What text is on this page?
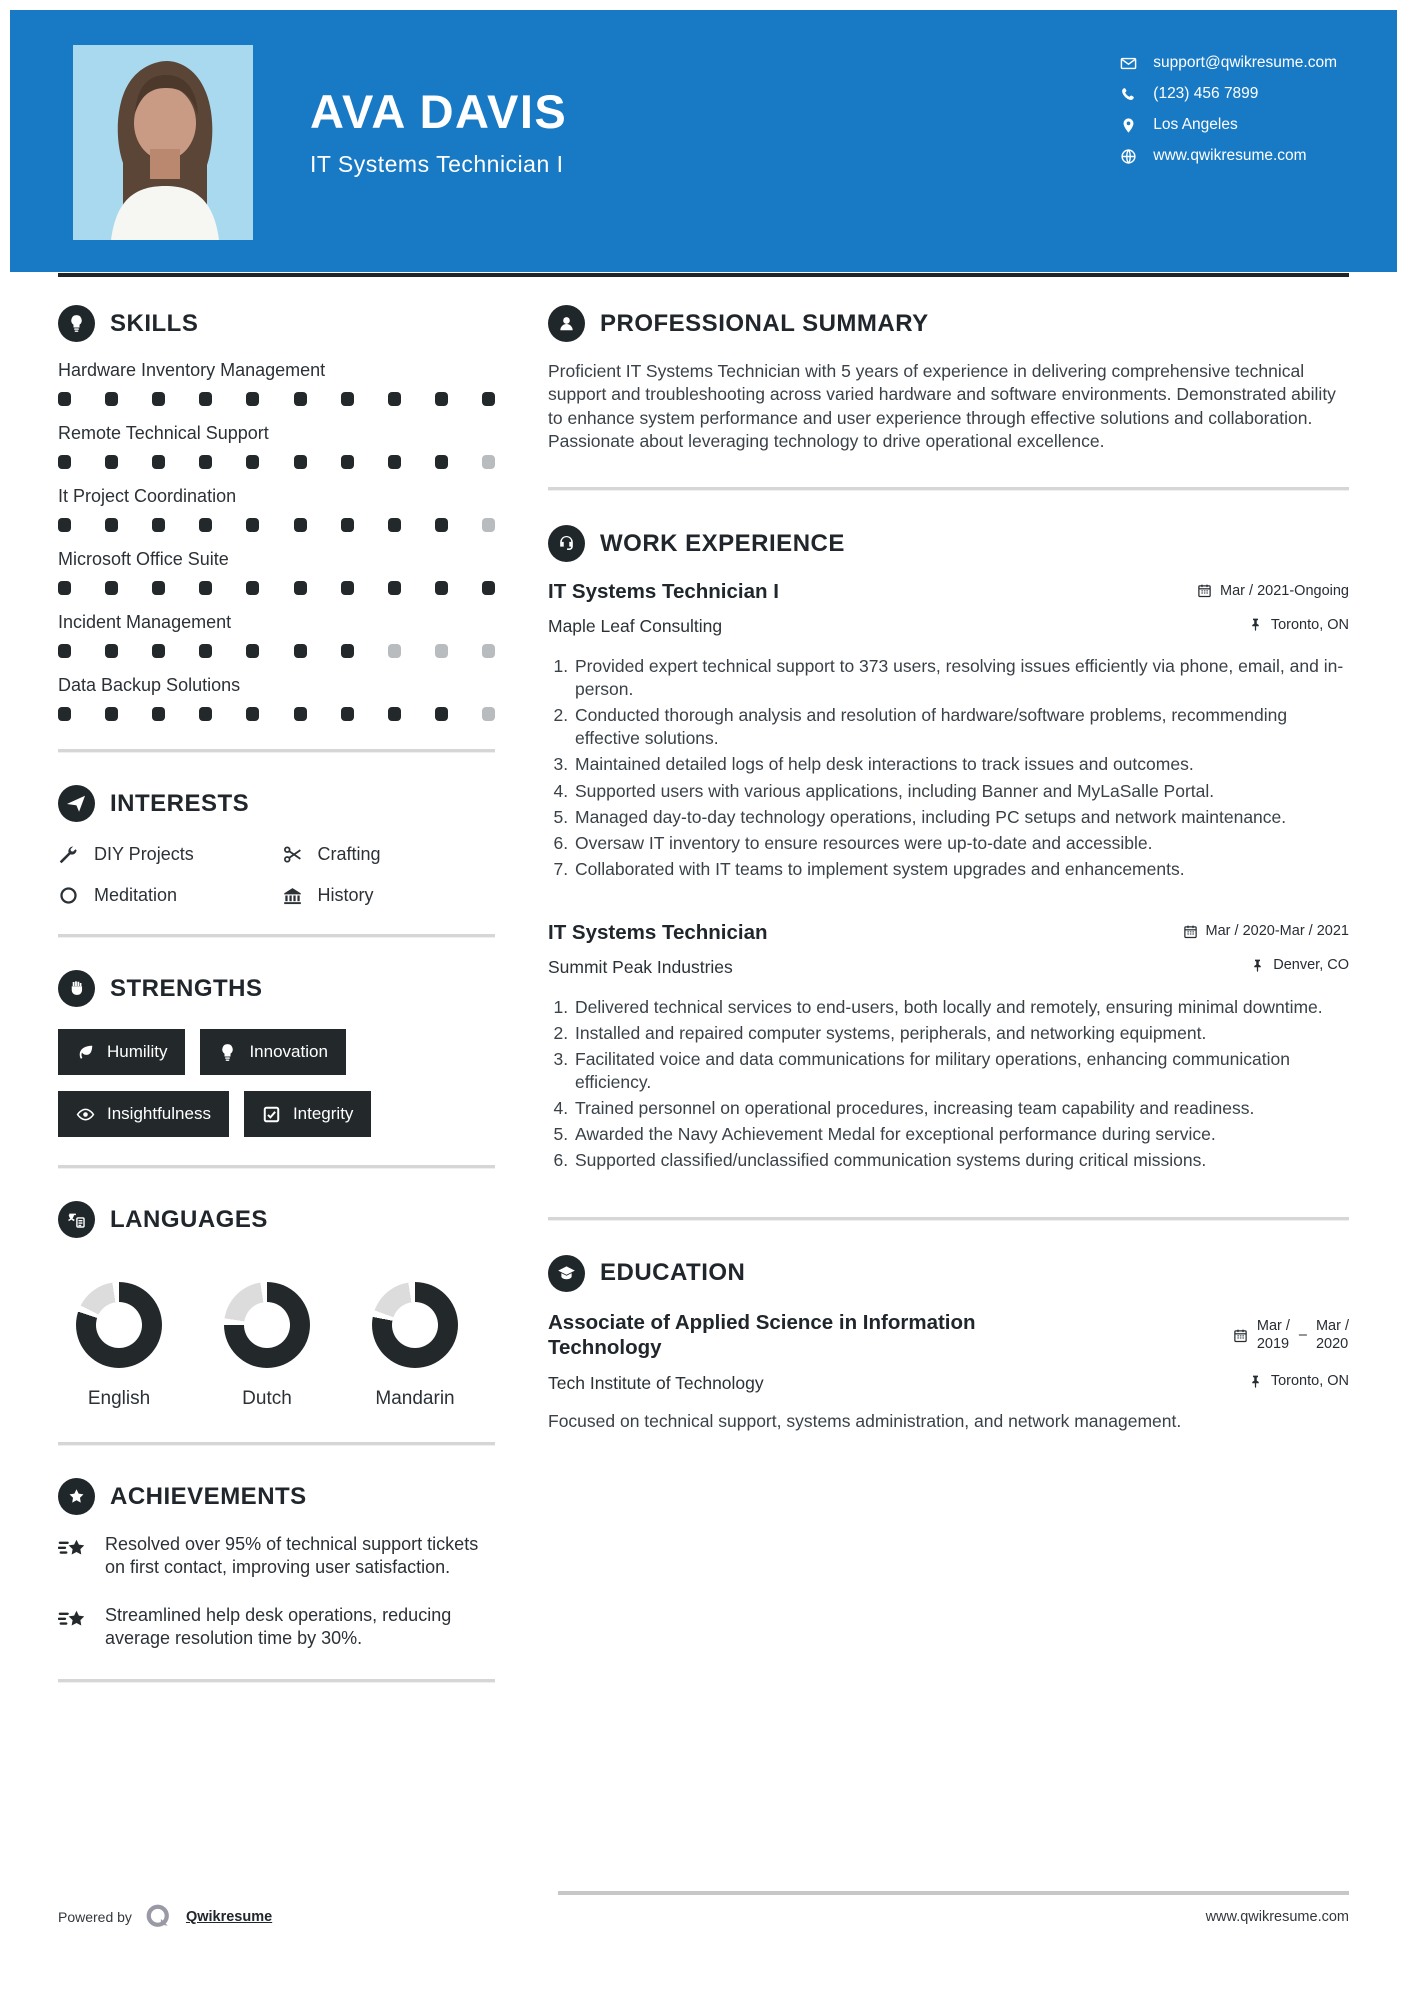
AVA DAVIS
IT Systems Technician I
support@qwikresume.com
(123) 456 7899
Los Angeles
www.qwikresume.com
SKILLS
Hardware Inventory Management
Remote Technical Support
It Project Coordination
Microsoft Office Suite
Incident Management
Data Backup Solutions
INTERESTS
DIY Projects	Crafting
Meditation	History
STRENGTHS
Humility	Innovation
Insightfulness	Integrity
LANGUAGES
English	Dutch	Mandarin
ACHIEVEMENTS
Resolved over 95% of technical support tickets on first contact, improving user satisfaction.
Streamlined help desk operations, reducing average resolution time by 30%.
PROFESSIONAL SUMMARY
Proficient IT Systems Technician with 5 years of experience in delivering comprehensive technical support and troubleshooting across varied hardware and software environments. Demonstrated ability to enhance system performance and user experience through effective solutions and collaboration. Passionate about leveraging technology to drive operational excellence.
WORK EXPERIENCE
IT Systems Technician I	Mar / 2021-Ongoing
Maple Leaf Consulting	Toronto, ON
1. Provided expert technical support to 373 users, resolving issues efficiently via phone, email, and in-person.
2. Conducted thorough analysis and resolution of hardware/software problems, recommending effective solutions.
3. Maintained detailed logs of help desk interactions to track issues and outcomes.
4. Supported users with various applications, including Banner and MyLaSalle Portal.
5. Managed day-to-day technology operations, including PC setups and network maintenance.
6. Oversaw IT inventory to ensure resources were up-to-date and accessible.
7. Collaborated with IT teams to implement system upgrades and enhancements.
IT Systems Technician	Mar / 2020-Mar / 2021
Summit Peak Industries	Denver, CO
1. Delivered technical services to end-users, both locally and remotely, ensuring minimal downtime.
2. Installed and repaired computer systems, peripherals, and networking equipment.
3. Facilitated voice and data communications for military operations, enhancing communication efficiency.
4. Trained personnel on operational procedures, increasing team capability and readiness.
5. Awarded the Navy Achievement Medal for exceptional performance during service.
6. Supported classified/unclassified communication systems during critical missions.
EDUCATION
Associate of Applied Science in Information Technology
Mar /
2019
–
Mar /
2020
Tech Institute of Technology	Toronto, ON
Focused on technical support, systems administration, and network management.
Powered by	Qwikresume	www.qwikresume.com
